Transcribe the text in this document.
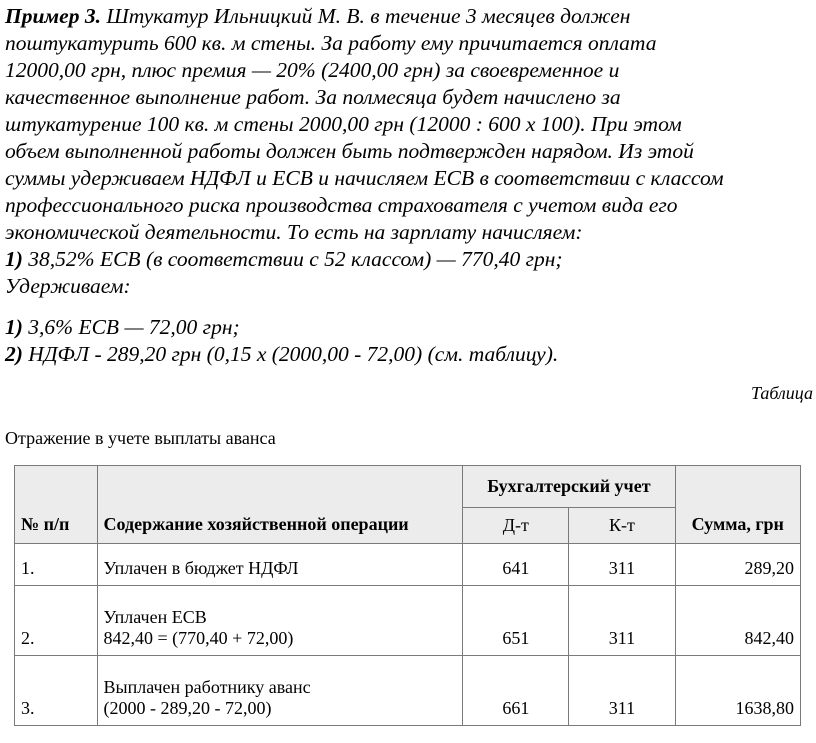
Пример 3. Штукатур Ильницкий М. В. в течение 3 месяцев должен
поштукатурить 600 кв. м стены. За работу ему причитается оплата
12000,00 грн, плюс премия — 20% (2400,00 грн) за своевременное и
качественное выполнение работ. За полмесяца будет начислено за
штукатурение 100 кв. м стены 2000,00 грн (12000 : 600 х 100). При этом
объем выполненной работы должен быть подтвержден нарядом. Из этой
суммы удерживаем НДФЛ и ЕСВ и начисляем ЕСВ в соответствии с классом
профессионального риска производства страхователя с учетом вида его
экономической деятельности. То есть на зарплату начисляем:
1) 38,52% ЕСВ (в соответствии с 52 классом) — 770,40 грн;
Удерживаем:
1) 3,6% ЕСВ — 72,00 грн;
2) НДФЛ - 289,20 грн (0,15 х (2000,00 - 72,00) (см. таблицу).

Таблица
Отражение в учете выплаты аванса
№ п/п	Содержание хозяйственной операции	Бухгалтерский учет		Сумма, грн
		Д-т	К-т	
1.	Уплачен в бюджет НДФЛ	641	311	289,20
2.	Уплачен ЕСВ
842,40 = (770,40 + 72,00)	651	311	842,40
3.	Выплачен работнику аванс
(2000 - 289,20 - 72,00)	661	311	1638,80
